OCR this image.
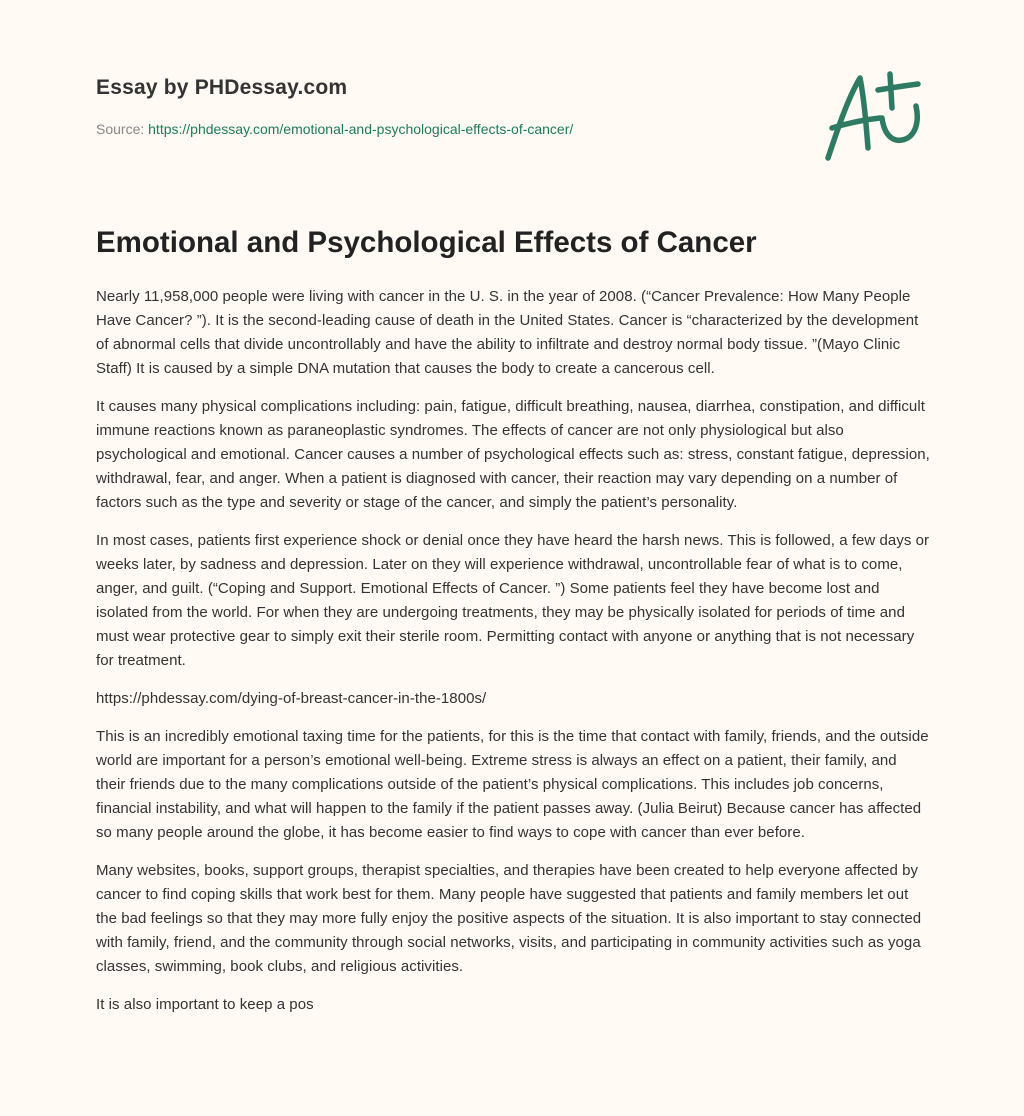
Essay by PHDessay.com
Source: https://phdessay.com/emotional-and-psychological-effects-of-cancer/
Emotional and Psychological Effects of Cancer

Nearly 11,958,000 people were living with cancer in the U. S. in the year of 2008. (“Cancer Prevalence: How Many People Have Cancer? ”). It is the second-leading cause of death in the United States. Cancer is “characterized by the development of abnormal cells that divide uncontrollably and have the ability to infiltrate and destroy normal body tissue. ”(Mayo Clinic Staff) It is caused by a simple DNA mutation that causes the body to create a cancerous cell.

It causes many physical complications including: pain, fatigue, difficult breathing, nausea, diarrhea, constipation, and difficult immune reactions known as paraneoplastic syndromes. The effects of cancer are not only physiological but also psychological and emotional. Cancer causes a number of psychological effects such as: stress, constant fatigue, depression, withdrawal, fear, and anger. When a patient is diagnosed with cancer, their reaction may vary depending on a number of factors such as the type and severity or stage of the cancer, and simply the patient’s personality.

In most cases, patients first experience shock or denial once they have heard the harsh news. This is followed, a few days or weeks later, by sadness and depression. Later on they will experience withdrawal, uncontrollable fear of what is to come, anger, and guilt. (“Coping and Support. Emotional Effects of Cancer. ”) Some patients feel they have become lost and isolated from the world. For when they are undergoing treatments, they may be physically isolated for periods of time and must wear protective gear to simply exit their sterile room. Permitting contact with anyone or anything that is not necessary for treatment.

https://phdessay.com/dying-of-breast-cancer-in-the-1800s/

This is an incredibly emotional taxing time for the patients, for this is the time that contact with family, friends, and the outside world are important for a person’s emotional well-being. Extreme stress is always an effect on a patient, their family, and their friends due to the many complications outside of the patient’s physical complications. This includes job concerns, financial instability, and what will happen to the family if the patient passes away. (Julia Beirut) Because cancer has affected so many people around the globe, it has become easier to find ways to cope with cancer than ever before.

Many websites, books, support groups, therapist specialties, and therapies have been created to help everyone affected by cancer to find coping skills that work best for them. Many people have suggested that patients and family members let out the bad feelings so that they may more fully enjoy the positive aspects of the situation. It is also important to stay connected with family, friend, and the community through social networks, visits, and participating in community activities such as yoga classes, swimming, book clubs, and religious activities.

It is also important to keep a pos
